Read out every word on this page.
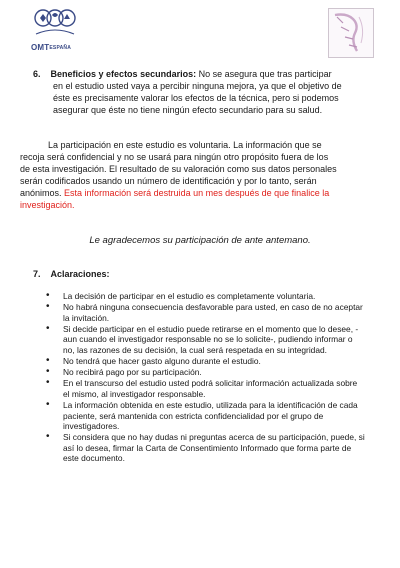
$OMT^{ESPAÑA}$

6. Beneficios y efectos secundarios: No se asegura que tras participar

en el estudio usted vaya a percibir ninguna mejora, ya que el objetivo de

éste es precisamente valorar los efectos de la técnica, pero si podemos

asegurar que éste no tiene ningún efecto secundario para su salud.

La participación en este estudio es voluntaria. La información que se

recoja será confidencial y no se usará para ningún otro propósito fuera de los

de esta investigación. El resultado de su valoración como sus datos personales

serán codificados usando un número de identificación y por lo tanto, serán

anónimos. Esta información será destruida un mes después de que finalice la

investigación.

Le agradecemos su participación de ante antemano.

7. Aclaraciones:

• La decisión de participar en el estudio es completamente voluntaria.
• No habrá ninguna consecuencia desfavorable para usted, en caso de no aceptar la invitación.
• Si decide participar en el estudio puede retirarse en el momento que lo desee, -aun cuando el investigador responsable no se lo solicite-, pudiendo informar o no, las razones de su decisión, la cual será respetada en su integridad.
• No tendrá que hacer gasto alguno durante el estudio.
• No recibirá pago por su participación.
• En el transcurso del estudio usted podrá solicitar información actualizada sobre el mismo, al investigador responsable.
• La información obtenida en este estudio, utilizada para la identificación de cada paciente, será mantenida con estricta confidencialidad por el grupo de investigadores.
• Si considera que no hay dudas ni preguntas acerca de su participación, puede, si así lo desea, firmar la Carta de Consentimiento Informado que forma parte de este documento.
